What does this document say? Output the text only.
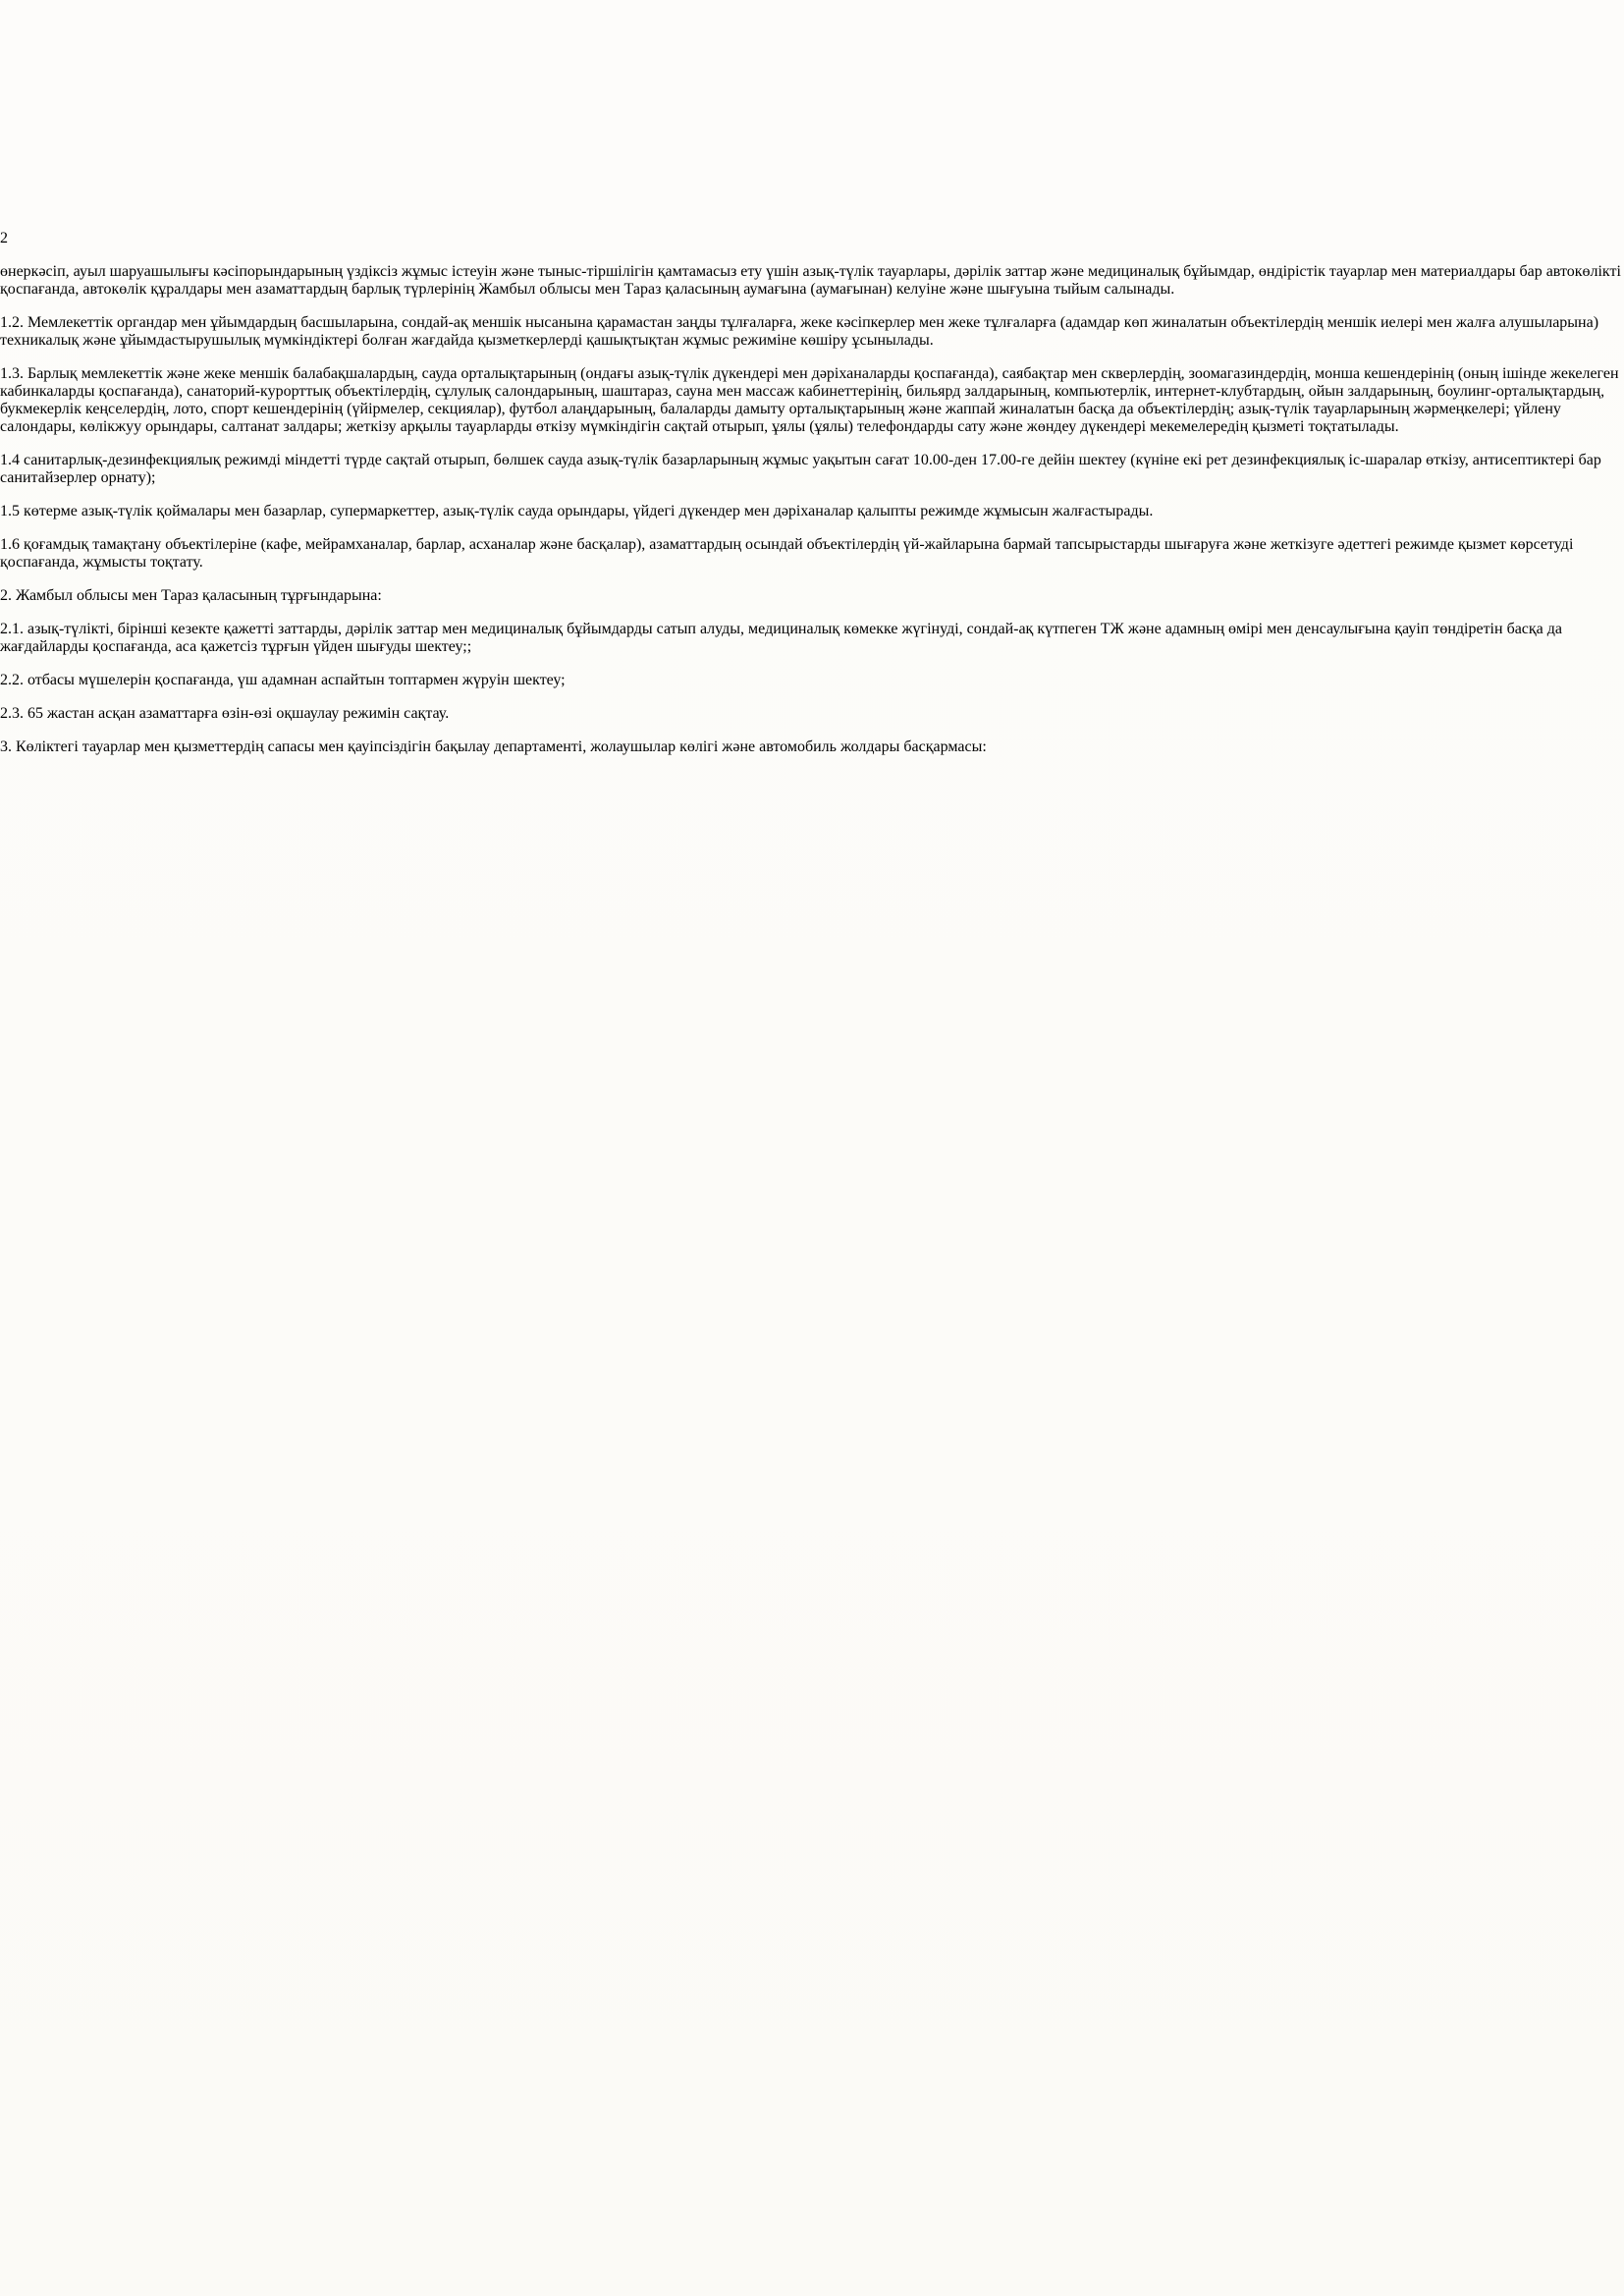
2

өнеркәсіп, ауыл шаруашылығы кәсіпорындарының үздіксіз жұмыс істеуін және тыныс-тіршілігін қамтамасыз ету үшін азық-түлік тауарлары, дәрілік заттар және медициналық бұйымдар, өндірістік тауарлар мен материалдары бар автокөлікті қоспағанда, автокөлік құралдары мен азаматтардың барлық түрлерінің Жамбыл облысы мен Тараз қаласының аумағына (аумағынан) келуіне және шығуына тыйым салынады.

1.2. Мемлекеттік органдар мен ұйымдардың басшыларына, сондай-ақ меншік нысанына қарамастан заңды тұлғаларға, жеке кәсіпкерлер мен жеке тұлғаларға (адамдар көп жиналатын объектілердің меншік иелері мен жалға алушыларына) техникалық және ұйымдастырушылық мүмкіндіктері болған жағдайда қызметкерлерді қашықтықтан жұмыс режиміне көшіру ұсынылады.

1.3. Барлық мемлекеттік және жеке меншік балабақшалардың, сауда орталықтарының (ондағы азық-түлік дүкендері мен дәріханаларды қоспағанда), саябақтар мен скверлердің, зоомагазиндердің, монша кешендерінің (оның ішінде жекелеген кабинкаларды қоспағанда), санаторий-курорттық объектілердің, сұлулық салондарының, шаштараз, сауна мен массаж кабинеттерінің, бильярд залдарының, компьютерлік, интернет-клубтардың, ойын залдарының, боулинг-орталықтардың, букмекерлік кеңселердің, лото, спорт кешендерінің (үйірмелер, секциялар), футбол алаңдарының, балаларды дамыту орталықтарының және жаппай жиналатын басқа да объектілердің; азық-түлік тауарларының жәрмеңкелері; үйлену салондары, көлікжуу орындары, салтанат залдары; жеткізу арқылы тауарларды өткізу мүмкіндігін сақтай отырып, ұялы (ұялы) телефондарды сату және жөндеу дүкендері мекемелередің қызметі тоқтатылады.

1.4 санитарлық-дезинфекциялық режимді міндетті түрде сақтай отырып, бөлшек сауда азық-түлік базарларының жұмыс уақытын сағат 10.00-ден 17.00-ге дейін шектеу (күніне екі рет дезинфекциялық іс-шаралар өткізу, антисептиктері бар санитайзерлер орнату);

1.5 көтерме азық-түлік қоймалары мен базарлар, супермаркеттер, азық-түлік сауда орындары, үйдегі дүкендер мен дәріханалар қалыпты режимде жұмысын жалғастырады.

1.6 қоғамдық тамақтану объектілеріне (кафе, мейрамханалар, барлар, асханалар және басқалар), азаматтардың осындай объектілердің үй-жайларына бармай тапсырыстарды шығаруға және жеткізуге әдеттегі режимде қызмет көрсетуді қоспағанда, жұмысты тоқтату.

2. Жамбыл облысы мен Тараз қаласының тұрғындарына:

2.1. азық-түлікті, бірінші кезекте қажетті заттарды, дәрілік заттар мен медициналық бұйымдарды сатып алуды, медициналық көмекке жүгінуді, сондай-ақ күтпеген ТЖ және адамның өмірі мен денсаулығына қауіп төндіретін басқа да жағдайларды қоспағанда, аса қажетсіз тұрғын үйден шығуды шектеу;;

2.2. отбасы мүшелерін қоспағанда, үш адамнан аспайтын топтармен жүруін шектеу;

2.3. 65 жастан асқан азаматтарға өзін-өзі оқшаулау режимін сақтау.

3. Көліктегі тауарлар мен қызметтердің сапасы мен қауіпсіздігін бақылау департаменті, жолаушылар көлігі және автомобиль жолдары басқармасы:
